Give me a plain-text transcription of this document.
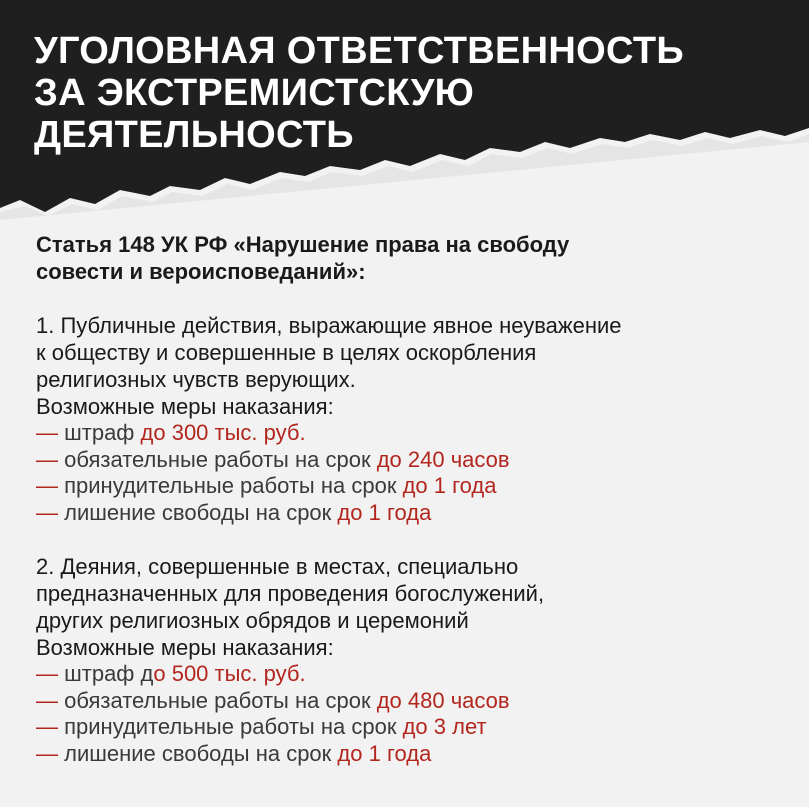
УГОЛОВНАЯ ОТВЕТСТВЕННОСТЬ
ЗА ЭКСТРЕМИСТСКУЮ
ДЕЯТЕЛЬНОСТЬ

Статья 148 УК РФ «Нарушение права на свободу
совести и вероисповеданий»:

1. Публичные действия, выражающие явное неуважение
к обществу и совершенные в целях оскорбления
религиозных чувств верующих.
Возможные меры наказания:
— штраф до 300 тыс. руб.
— обязательные работы на срок до 240 часов
— принудительные работы на срок до 1 года
— лишение свободы на срок до 1 года
2. Деяния, совершенные в местах, специально
предназначенных для проведения богослужений,
других религиозных обрядов и церемоний
Возможные меры наказания:
— штраф до 500 тыс. руб.
— обязательные работы на срок до 480 часов
— принудительные работы на срок до 3 лет
— лишение свободы на срок до 1 года
